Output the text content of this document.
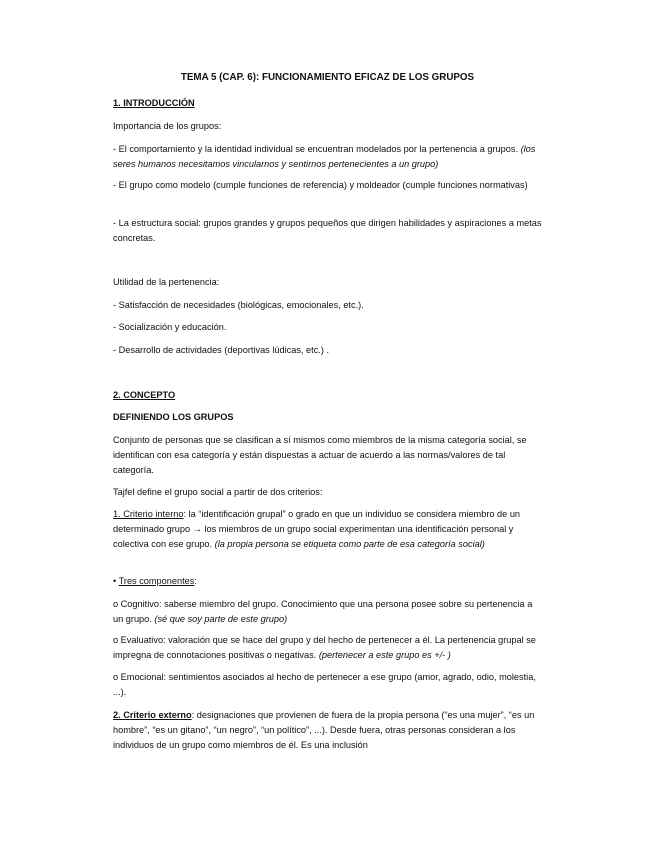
TEMA 5 (CAP. 6): FUNCIONAMIENTO EFICAZ DE LOS GRUPOS
1. INTRODUCCIÓN
Importancia de los grupos:
- El comportamiento y la identidad individual se encuentran modelados por la pertenencia a grupos. (los seres humanos necesitamos vincularnos y sentirnos pertenecientes a un grupo)
- El grupo como modelo (cumple funciones de referencia) y moldeador (cumple funciones normativas)
- La estructura social: grupos grandes y grupos pequeños que dirigen habilidades y aspiraciones a metas concretas.
Utilidad de la pertenencia:
- Satisfacción de necesidades (biológicas, emocionales, etc.).
- Socialización y educación.
- Desarrollo de actividades (deportivas lúdicas, etc.) .
2. CONCEPTO
DEFINIENDO LOS GRUPOS
Conjunto de personas que se clasifican a sí mismos como miembros de la misma categoría social, se identifican con esa categoría y están dispuestas a actuar de acuerdo a las normas/valores de tal categoría.
Tajfel define el grupo social a partir de dos criterios:
1. Criterio interno: la “identificación grupal” o grado en que un individuo se considera miembro de un determinado grupo → los miembros de un grupo social experimentan una identificación personal y colectiva con ese grupo. (la propia persona se etiqueta como parte de esa categoría social)
• Tres componentes:
o Cognitivo: saberse miembro del grupo. Conocimiento que una persona posee sobre su pertenencia a un grupo. (sé que soy parte de este grupo)
o Evaluativo: valoración que se hace del grupo y del hecho de pertenecer a él. La pertenencia grupal se impregna de connotaciones positivas o negativas. (pertenecer a este grupo es +/- )
o Emocional: sentimientos asociados al hecho de pertenecer a ese grupo (amor, agrado, odio, molestia, ...).
2. Criterio externo: designaciones que provienen de fuera de la propia persona (“es una mujer”, “es un hombre”, “es un gitano”, “un negro”, “un político”, ...). Desde fuera, otras personas consideran a los individuos de un grupo como miembros de él. Es una inclusión
